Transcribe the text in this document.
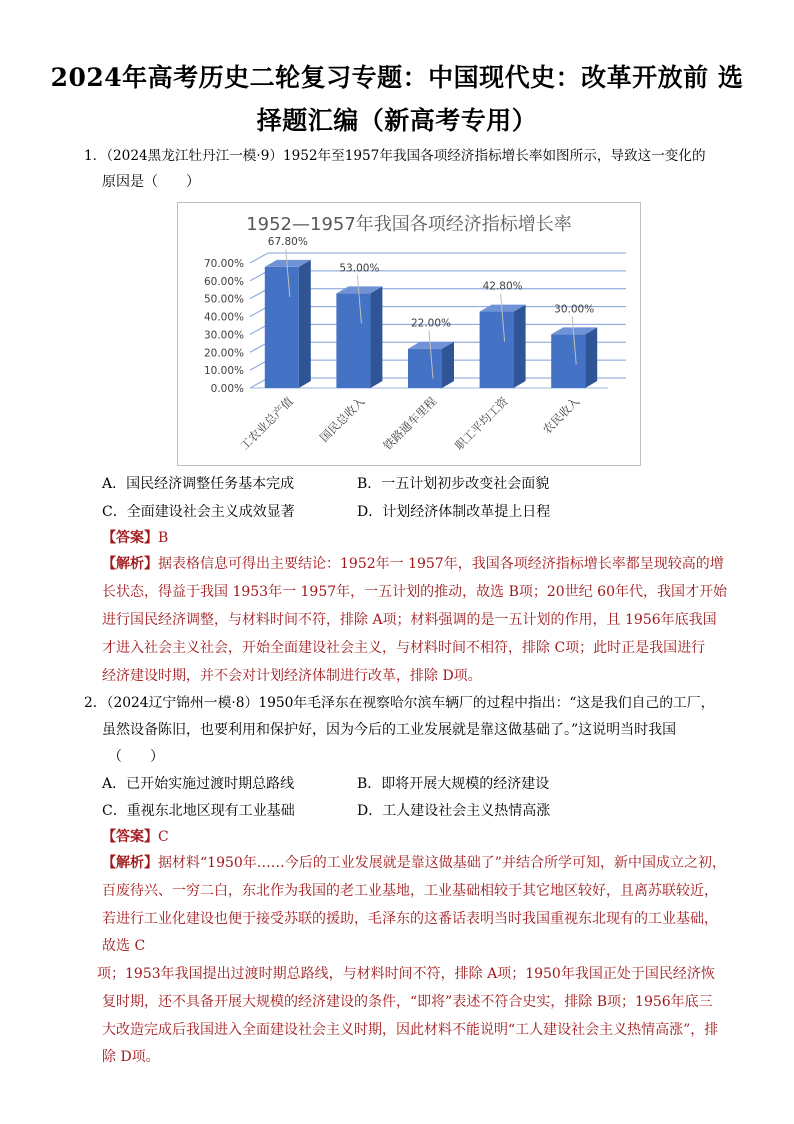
2024年高考历史二轮复习专题：中国现代史：改革开放前 选
择题汇编（新高考专用）
1．（2024黑龙江牡丹江一模·9）1952年至1957年我国各项经济指标增长率如图所示，导致这一变化的
原因是（　　）
1952—1957年我国各项经济指标增长率
0.00%
10.00%
20.00%
30.00%
40.00%
50.00%
60.00%
70.00%
67.80%
工农业总产值
53.00%
国民总收入
22.00%
铁路通车里程
42.80%
职工平均工资
30.00%
农民收入
A．国民经济调整任务基本完成	B．一五计划初步改变社会面貌
C．全面建设社会主义成效显著	D．计划经济体制改革提上日程
【答案】B
【解析】据表格信息可得出主要结论：1952年一 1957年，我国各项经济指标增长率都呈现较高的增
长状态，得益于我国 1953年一 1957年，一五计划的推动，故选 B项；20世纪 60年代，我国才开始
进行国民经济调整，与材料时间不符，排除 A项；材料强调的是一五计划的作用，且 1956年底我国
才进入社会主义社会，开始全面建设社会主义，与材料时间不相符，排除 C项；此时正是我国进行
经济建设时期，并不会对计划经济体制进行改革，排除 D项。
2．（2024辽宁锦州一模·8）1950年毛泽东在视察哈尔滨车辆厂的过程中指出：“这是我们自己的工厂，
虽然设备陈旧，也要利用和保护好，因为今后的工业发展就是靠这做基础了。”这说明当时我国
（　　）
A．已开始实施过渡时期总路线	B．即将开展大规模的经济建设
C．重视东北地区现有工业基础	D．工人建设社会主义热情高涨
【答案】C
【解析】据材料“1950年……今后的工业发展就是靠这做基础了”并结合所学可知，新中国成立之初，
百废待兴、一穷二白，东北作为我国的老工业基地，工业基础相较于其它地区较好，且离苏联较近，
若进行工业化建设也便于接受苏联的援助，毛泽东的这番话表明当时我国重视东北现有的工业基础，
故选 C
项；1953年我国提出过渡时期总路线，与材料时间不符，排除 A项；1950年我国正处于国民经济恢
复时期，还不具备开展大规模的经济建设的条件，“即将”表述不符合史实，排除 B项；1956年底三
大改造完成后我国进入全面建设社会主义时期，因此材料不能说明“工人建设社会主义热情高涨”，排
除 D项。
